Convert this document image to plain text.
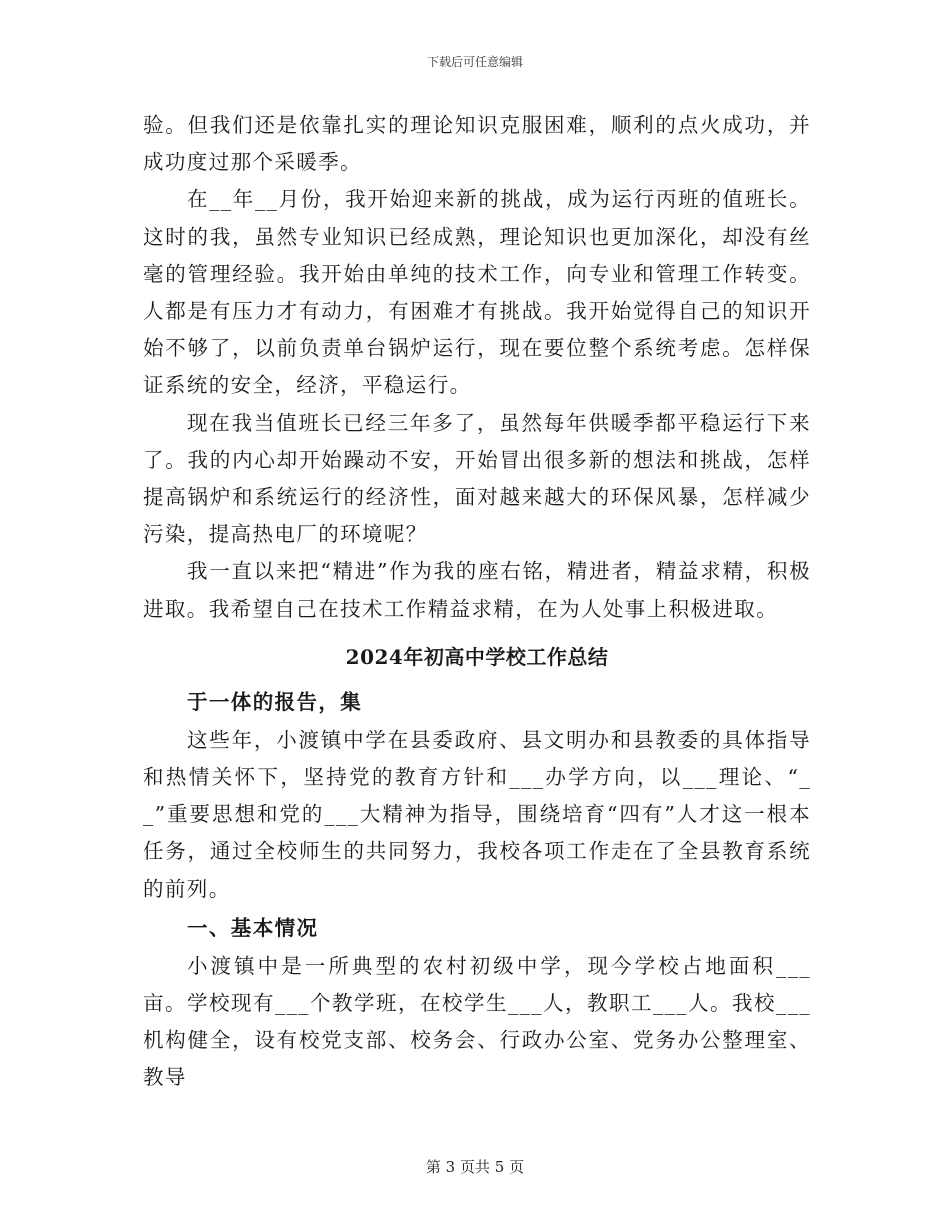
下载后可任意编辑

验。但我们还是依靠扎实的理论知识克服困难，顺利的点火成功，并成功度过那个采暖季。

在__年__月份，我开始迎来新的挑战，成为运行丙班的值班长。这时的我，虽然专业知识已经成熟，理论知识也更加深化，却没有丝毫的管理经验。我开始由单纯的技术工作，向专业和管理工作转变。人都是有压力才有动力，有困难才有挑战。我开始觉得自己的知识开始不够了，以前负责单台锅炉运行，现在要位整个系统考虑。怎样保证系统的安全，经济，平稳运行。

现在我当值班长已经三年多了，虽然每年供暖季都平稳运行下来了。我的内心却开始躁动不安，开始冒出很多新的想法和挑战，怎样提高锅炉和系统运行的经济性，面对越来越大的环保风暴，怎样减少污染，提高热电厂的环境呢？

我一直以来把“精进”作为我的座右铭，精进者，精益求精，积极进取。我希望自己在技术工作精益求精，在为人处事上积极进取。

2024年初高中学校工作总结

于一体的报告，集

这些年，小渡镇中学在县委政府、县文明办和县教委的具体指导和热情关怀下，坚持党的教育方针和___办学方向，以___理论、“__”重要思想和党的___大精神为指导，围绕培育“四有”人才这一根本任务，通过全校师生的共同努力，我校各项工作走在了全县教育系统的前列。

一、基本情况

小渡镇中是一所典型的农村初级中学，现今学校占地面积___亩。学校现有___个教学班，在校学生___人，教职工___人。我校___机构健全，设有校党支部、校务会、行政办公室、党务办公整理室、教导

第 3 页共 5 页
